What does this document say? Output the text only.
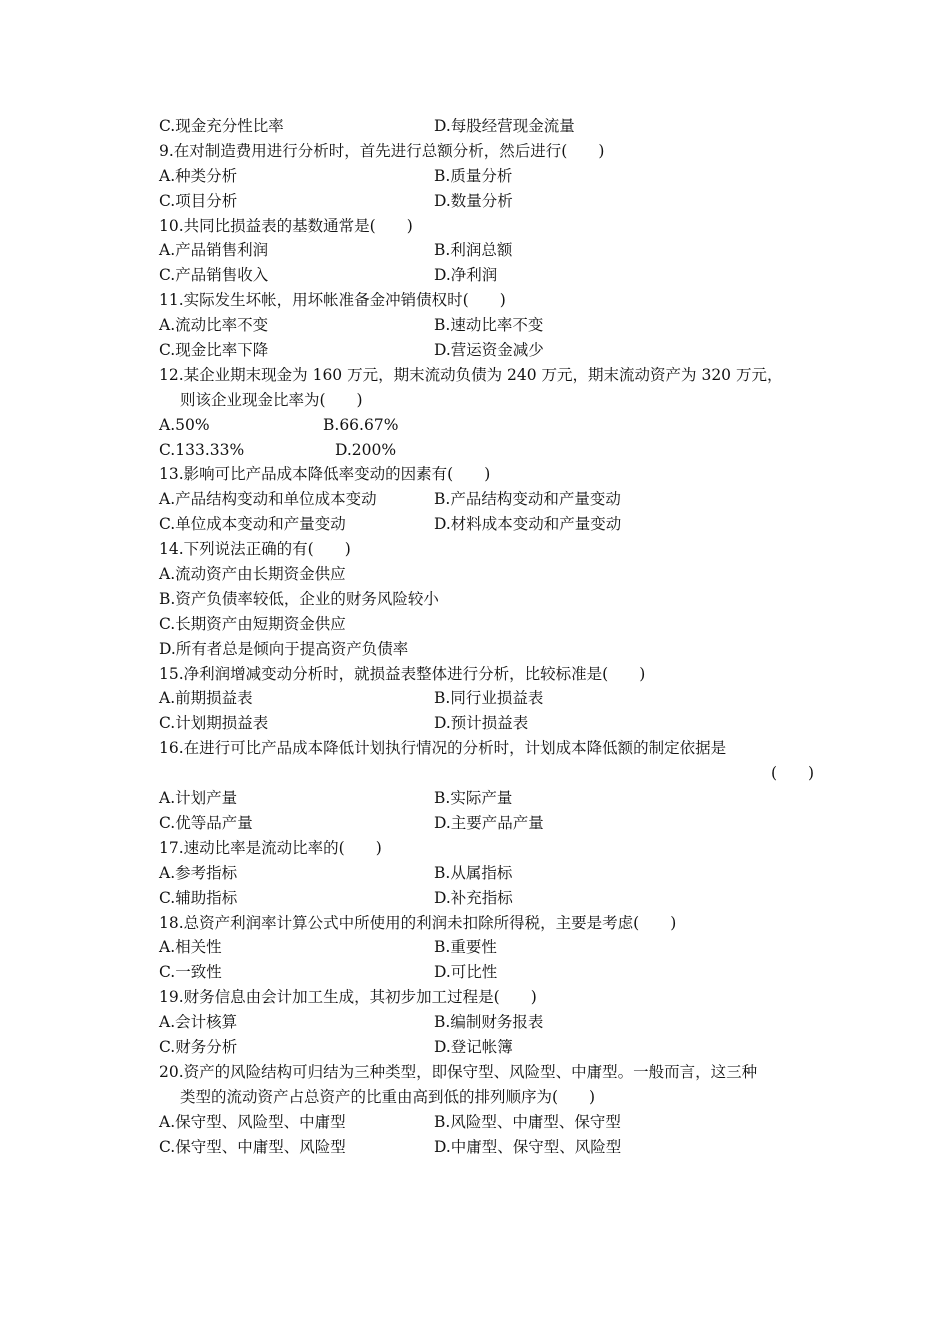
C.现金充分性比率	D.每股经营现金流量
9.在对制造费用进行分析时，首先进行总额分析，然后进行(　　)
A.种类分析	B.质量分析
C.项目分析	D.数量分析
10.共同比损益表的基数通常是(　　)
A.产品销售利润	B.利润总额
C.产品销售收入	D.净利润
11.实际发生坏帐，用坏帐准备金冲销债权时(　　)
A.流动比率不变	B.速动比率不变
C.现金比率下降	D.营运资金减少
12.某企业期末现金为 160 万元，期末流动负债为 240 万元，期末流动资产为 320 万元，
则该企业现金比率为(　　)
A.50%	B.66.67%
C.133.33%	D.200%
13.影响可比产品成本降低率变动的因素有(　　)
A.产品结构变动和单位成本变动	B.产品结构变动和产量变动
C.单位成本变动和产量变动	D.材料成本变动和产量变动
14.下列说法正确的有(　　)
A.流动资产由长期资金供应
B.资产负债率较低，企业的财务风险较小
C.长期资产由短期资金供应
D.所有者总是倾向于提高资产负债率
15.净利润增减变动分析时，就损益表整体进行分析，比较标准是(　　)
A.前期损益表	B.同行业损益表
C.计划期损益表	D.预计损益表
16.在进行可比产品成本降低计划执行情况的分析时，计划成本降低额的制定依据是
(　　)
A.计划产量	B.实际产量
C.优等品产量	D.主要产品产量
17.速动比率是流动比率的(　　)
A.参考指标	B.从属指标
C.辅助指标	D.补充指标
18.总资产利润率计算公式中所使用的利润未扣除所得税，主要是考虑(　　)
A.相关性	B.重要性
C.一致性	D.可比性
19.财务信息由会计加工生成，其初步加工过程是(　　)
A.会计核算	B.编制财务报表
C.财务分析	D.登记帐簿
20.资产的风险结构可归结为三种类型，即保守型、风险型、中庸型。一般而言，这三种
类型的流动资产占总资产的比重由高到低的排列顺序为(　　)
A.保守型、风险型、中庸型	B.风险型、中庸型、保守型
C.保守型、中庸型、风险型	D.中庸型、保守型、风险型
